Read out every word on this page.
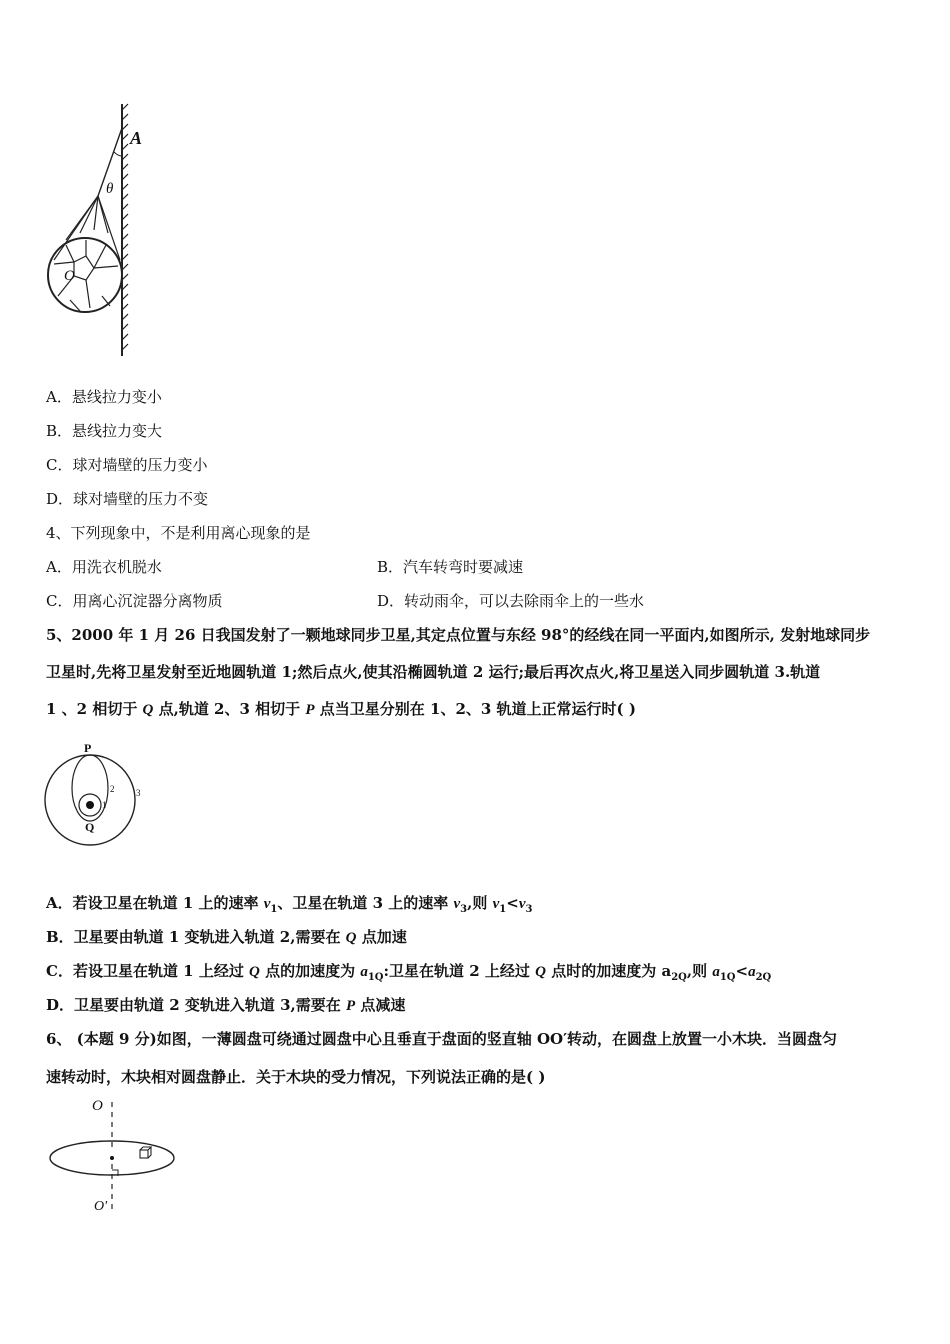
A
θ
O
A．悬线拉力变小
B．悬线拉力变大
C．球对墙壁的压力变小
D．球对墙壁的压力不变
4、下列现象中，不是利用离心现象的是
A．用洗衣机脱水	B．汽车转弯时要减速
C．用离心沉淀器分离物质	D．转动雨伞，可以去除雨伞上的一些水
5、2000 年 1 月 26 日我国发射了一颗地球同步卫星,其定点位置与东经 98°的经线在同一平面内,如图所示, 发射地球同步
卫星时,先将卫星发射至近地圆轨道 1;然后点火,使其沿椭圆轨道 2 运行;最后再次点火,将卫星送入同步圆轨道 3.轨道
1 、2 相切于 Q 点,轨道 2、3 相切于 P 点当卫星分别在 1、2、3 轨道上正常运行时( )
P
Q
1
2 3
A．若设卫星在轨道 1 上的速率 $v_1$、卫星在轨道 3 上的速率 $v_3$,则 $v_1<v_3$
B．卫星要由轨道 1 变轨进入轨道 2,需要在 Q 点加速
C．若设卫星在轨道 1 上经过 Q 点的加速度为 $a_{1Q}$:卫星在轨道 2 上经过 Q 点时的加速度为 $a_{2Q}$,则 $a_{1Q}<a_{2Q}$
D．卫星要由轨道 2 变轨进入轨道 3,需要在 P 点减速
6、 (本题 9 分)如图，一薄圆盘可绕通过圆盘中心且垂直于盘面的竖直轴 OO′转动，在圆盘上放置一小木块．当圆盘匀
速转动时，木块相对圆盘静止．关于木块的受力情况，下列说法正确的是( )
O
O′
